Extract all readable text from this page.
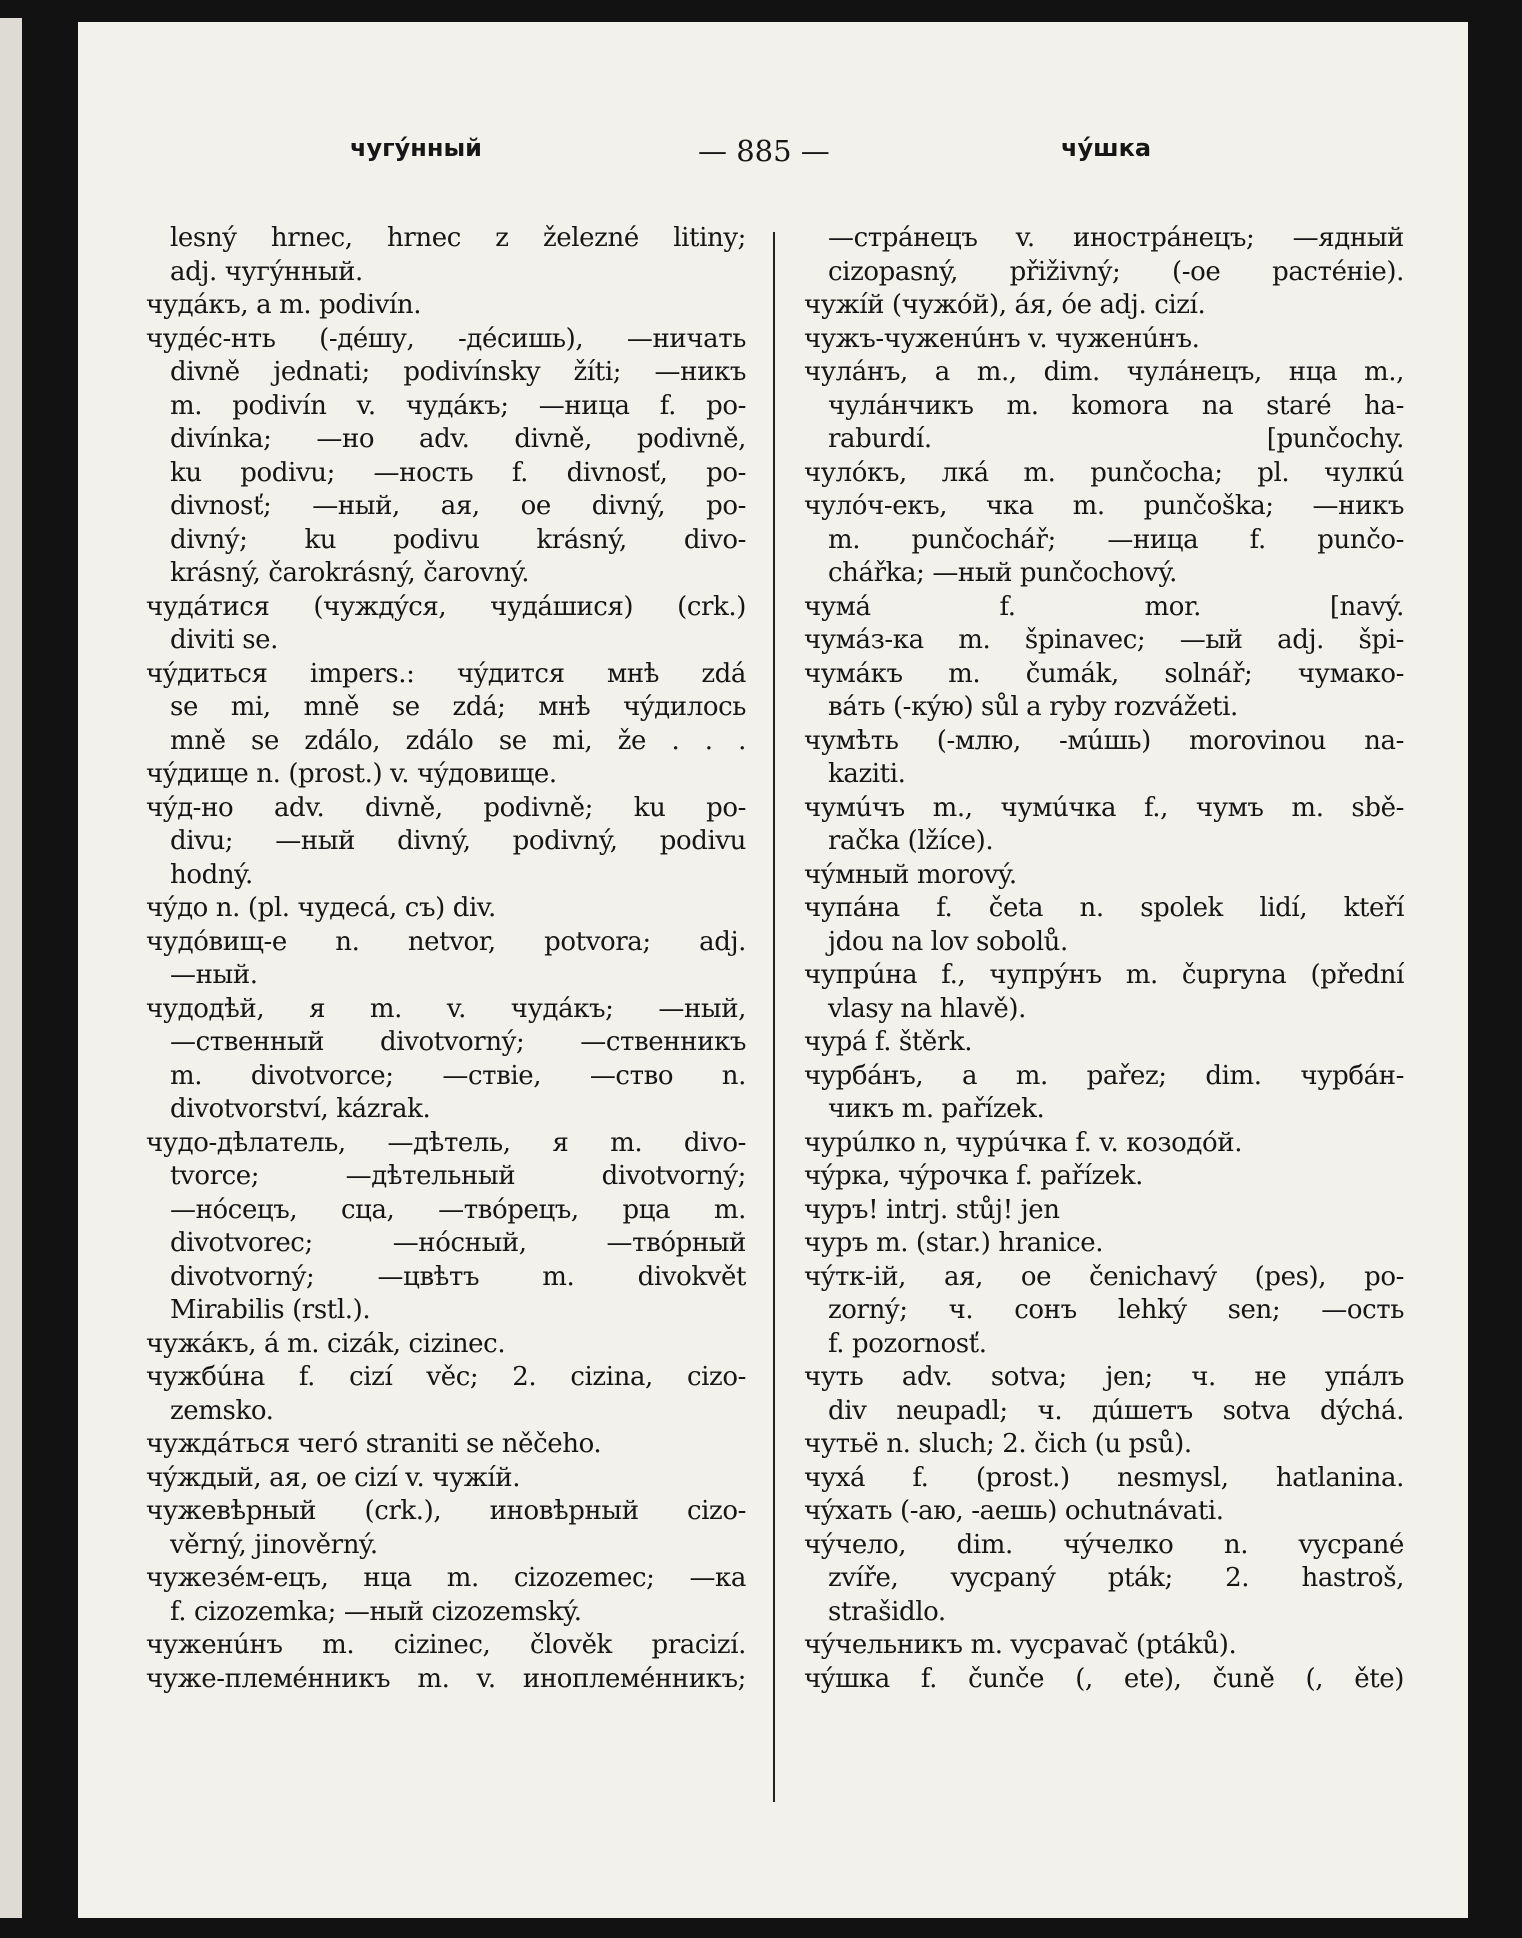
чугýнный	— 885 —	чýшка
lesný hrnec, hrnec z železné litiny;
adj. чугýнный.
чудáкъ, а m. podivín.
чудéс-нть (-дéшу, -дéсишь), —ничать
divně jednati; podivínsky žíti; —никъ
m. podivín v. чудáкъ; —ница f. po-
divínka; —но adv. divně, podivně,
ku podivu; —ность f. divnosť, po-
divnosť; —ный, ая, ое divný, po-
divný; ku podivu krásný, divo-
krásný, čarokrásný, čarovný.
чудáтися (чуждýся, чудáшися) (crk.)
diviti se.
чýдиться impers.: чýдится мнѣ zdá
se mi, mně se zdá; мнѣ чýдилось
mně se zdálo, zdálo se mi, že . . .
чýдище n. (prost.) v. чýдовище.
чýд-но adv. divně, podivně; ku po-
divu; —ный divný, podivný, podivu
hodný.
чýдо n. (pl. чудесá, съ) div.
чудóвищ-е n. netvor, potvora; adj.
—ный.
чудодѣй, я m. v. чудáкъ; —ный,
—ственный divotvorný; —ственникъ
m. divotvorce; —ствіе, —ство n.
divotvorství, kázrak.
чудо-дѣлатель, —дѣтель, я m. divo-
tvorce; —дѣтельный divotvorný;
—нóсецъ, сца, —твóрецъ, рца m.
divotvorec; —нóсный, —твóрный
divotvorný; —цвѣтъ m. divokvět
Mirabilis (rstl.).
чужáкъ, á m. cizák, cizinec.
чужбúна f. cizí věc; 2. cizina, cizo-
zemsko.
чуждáться чегó straniti se něčeho.
чýждый, ая, ое cizí v. чужíй.
чужевѣрный (crk.), иновѣрный cizo-
věrný, jinověrný.
чужезéм-ецъ, нца m. cizozemec; —ка
f. cizozemka; —ный cizozemský.
чуженúнъ m. cizinec, člověk pracizí.
чуже-племéнникъ m. v. иноплемéнникъ;
—стрáнецъ v. инострáнецъ; —ядный
cizopasný, přiživný; (-ое растéніе).
чужíй (чужóй), áя, óе adj. cizí.
чужъ-чуженúнъ v. чуженúнъ.
чулáнъ, а m., dim. чулáнецъ, нца m.,
чулáнчикъ m. komora na staré ha-
raburdí. [punčochy.
чулóкъ, лкá m. punčocha; pl. чулкú
чулóч-екъ, чка m. punčoška; —никъ
m. punčochář; —ница f. punčo-
chářka; —ный punčochový.
чумá f. mor. [navý.
чумáз-ка m. špinavec; —ый adj. špi-
чумáкъ m. čumák, solnář; чумако-
вáть (-кýю) sůl a ryby rozvážeti.
чумѣть (-млю, -мúшь) morovinou na-
kaziti.
чумúчъ m., чумúчка f., чумъ m. sbě-
račka (lžíce).
чýмный morový.
чупáна f. četa n. spolek lidí, kteří
jdou na lov sobolů.
чупрúна f., чупрýнъ m. čupryna (přední
vlasy na hlavě).
чурá f. štěrk.
чурбáнъ, а m. pařez; dim. чурбáн-
чикъ m. pařízek.
чурúлко n, чурúчка f. v. козодóй.
чýрка, чýрочка f. pařízek.
чуръ! intrj. stůj! jen
чуръ m. (star.) hranice.
чýтк-ій, ая, ое čenichavý (pes), po-
zorný; ч. сонъ lehký sen; —ость
f. pozornosť.
чуть adv. sotva; jen; ч. не упáлъ
div neupadl; ч. дúшетъ sotva dýchá.
чутьё n. sluch; 2. čich (u psů).
чухá f. (prost.) nesmysl, hatlanina.
чýхать (-аю, -аешь) ochutnávati.
чýчело, dim. чýчелко n. vycpané
zvíře, vycpaný pták; 2. hastroš,
strašidlo.
чýчельникъ m. vycpavač (ptáků).
чýшка f. čunče (, ete), čuně (, ěte)
